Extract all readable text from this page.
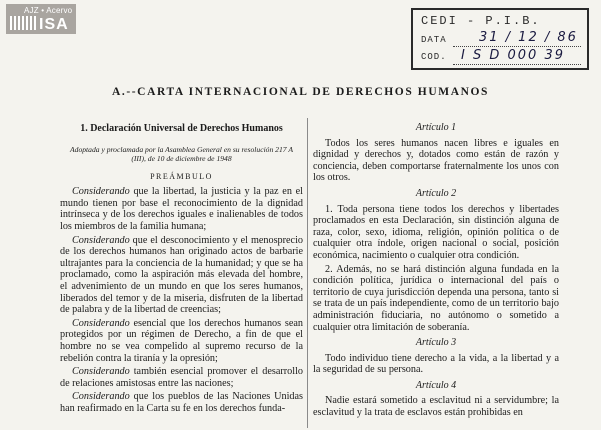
AJZ • Acervo
ISA	CEDI - P.I.B.
DATA 31 / 12 / 86
COD. I S D 000 39
A.--CARTA INTERNACIONAL DE DERECHOS HUMANOS
1. Declaración Universal de Derechos Humanos
Adoptada y proclamada por la Asamblea General en su resolución 217 A (III), de 10 de diciembre de 1948
PREÁMBULO

Considerando que la libertad, la justicia y la paz en el mundo tienen por base el reconocimiento de la dignidad intrínseca y de los derechos iguales e inalienables de todos los miembros de la familia humana;

Considerando que el desconocimiento y el menosprecio de los derechos humanos han originado actos de barbarie ultrajantes para la conciencia de la humanidad; y que se ha proclamado, como la aspiración más elevada del hombre, el advenimiento de un mundo en que los seres humanos, liberados del temor y de la miseria, disfruten de la libertad de palabra y de la libertad de creencias;

Considerando esencial que los derechos humanos sean protegidos por un régimen de Derecho, a fin de que el hombre no se vea compelido al supremo recurso de la rebelión contra la tiranía y la opresión;

Considerando también esencial promover el desarrollo de relaciones amistosas entre las naciones;

Considerando que los pueblos de las Naciones Unidas han reafirmado en la Carta su fe en los derechos funda-

Artículo 1

Todos los seres humanos nacen libres e iguales en dignidad y derechos y, dotados como están de razón y conciencia, deben comportarse fraternalmente los unos con los otros.

Artículo 2

1. Toda persona tiene todos los derechos y libertades proclamados en esta Declaración, sin distinción alguna de raza, color, sexo, idioma, religión, opinión política o de cualquier otra índole, origen nacional o social, posición económica, nacimiento o cualquier otra condición.

2. Además, no se hará distinción alguna fundada en la condición política, jurídica o internacional del país o territorio de cuya jurisdicción dependa una persona, tanto si se trata de un país independiente, como de un territorio bajo administración fiduciaria, no autónomo o sometido a cualquier otra limitación de soberanía.

Artículo 3

Todo individuo tiene derecho a la vida, a la libertad y a la seguridad de su persona.

Artículo 4

Nadie estará sometido a esclavitud ni a servidumbre; la esclavitud y la trata de esclavos están prohibidas en
